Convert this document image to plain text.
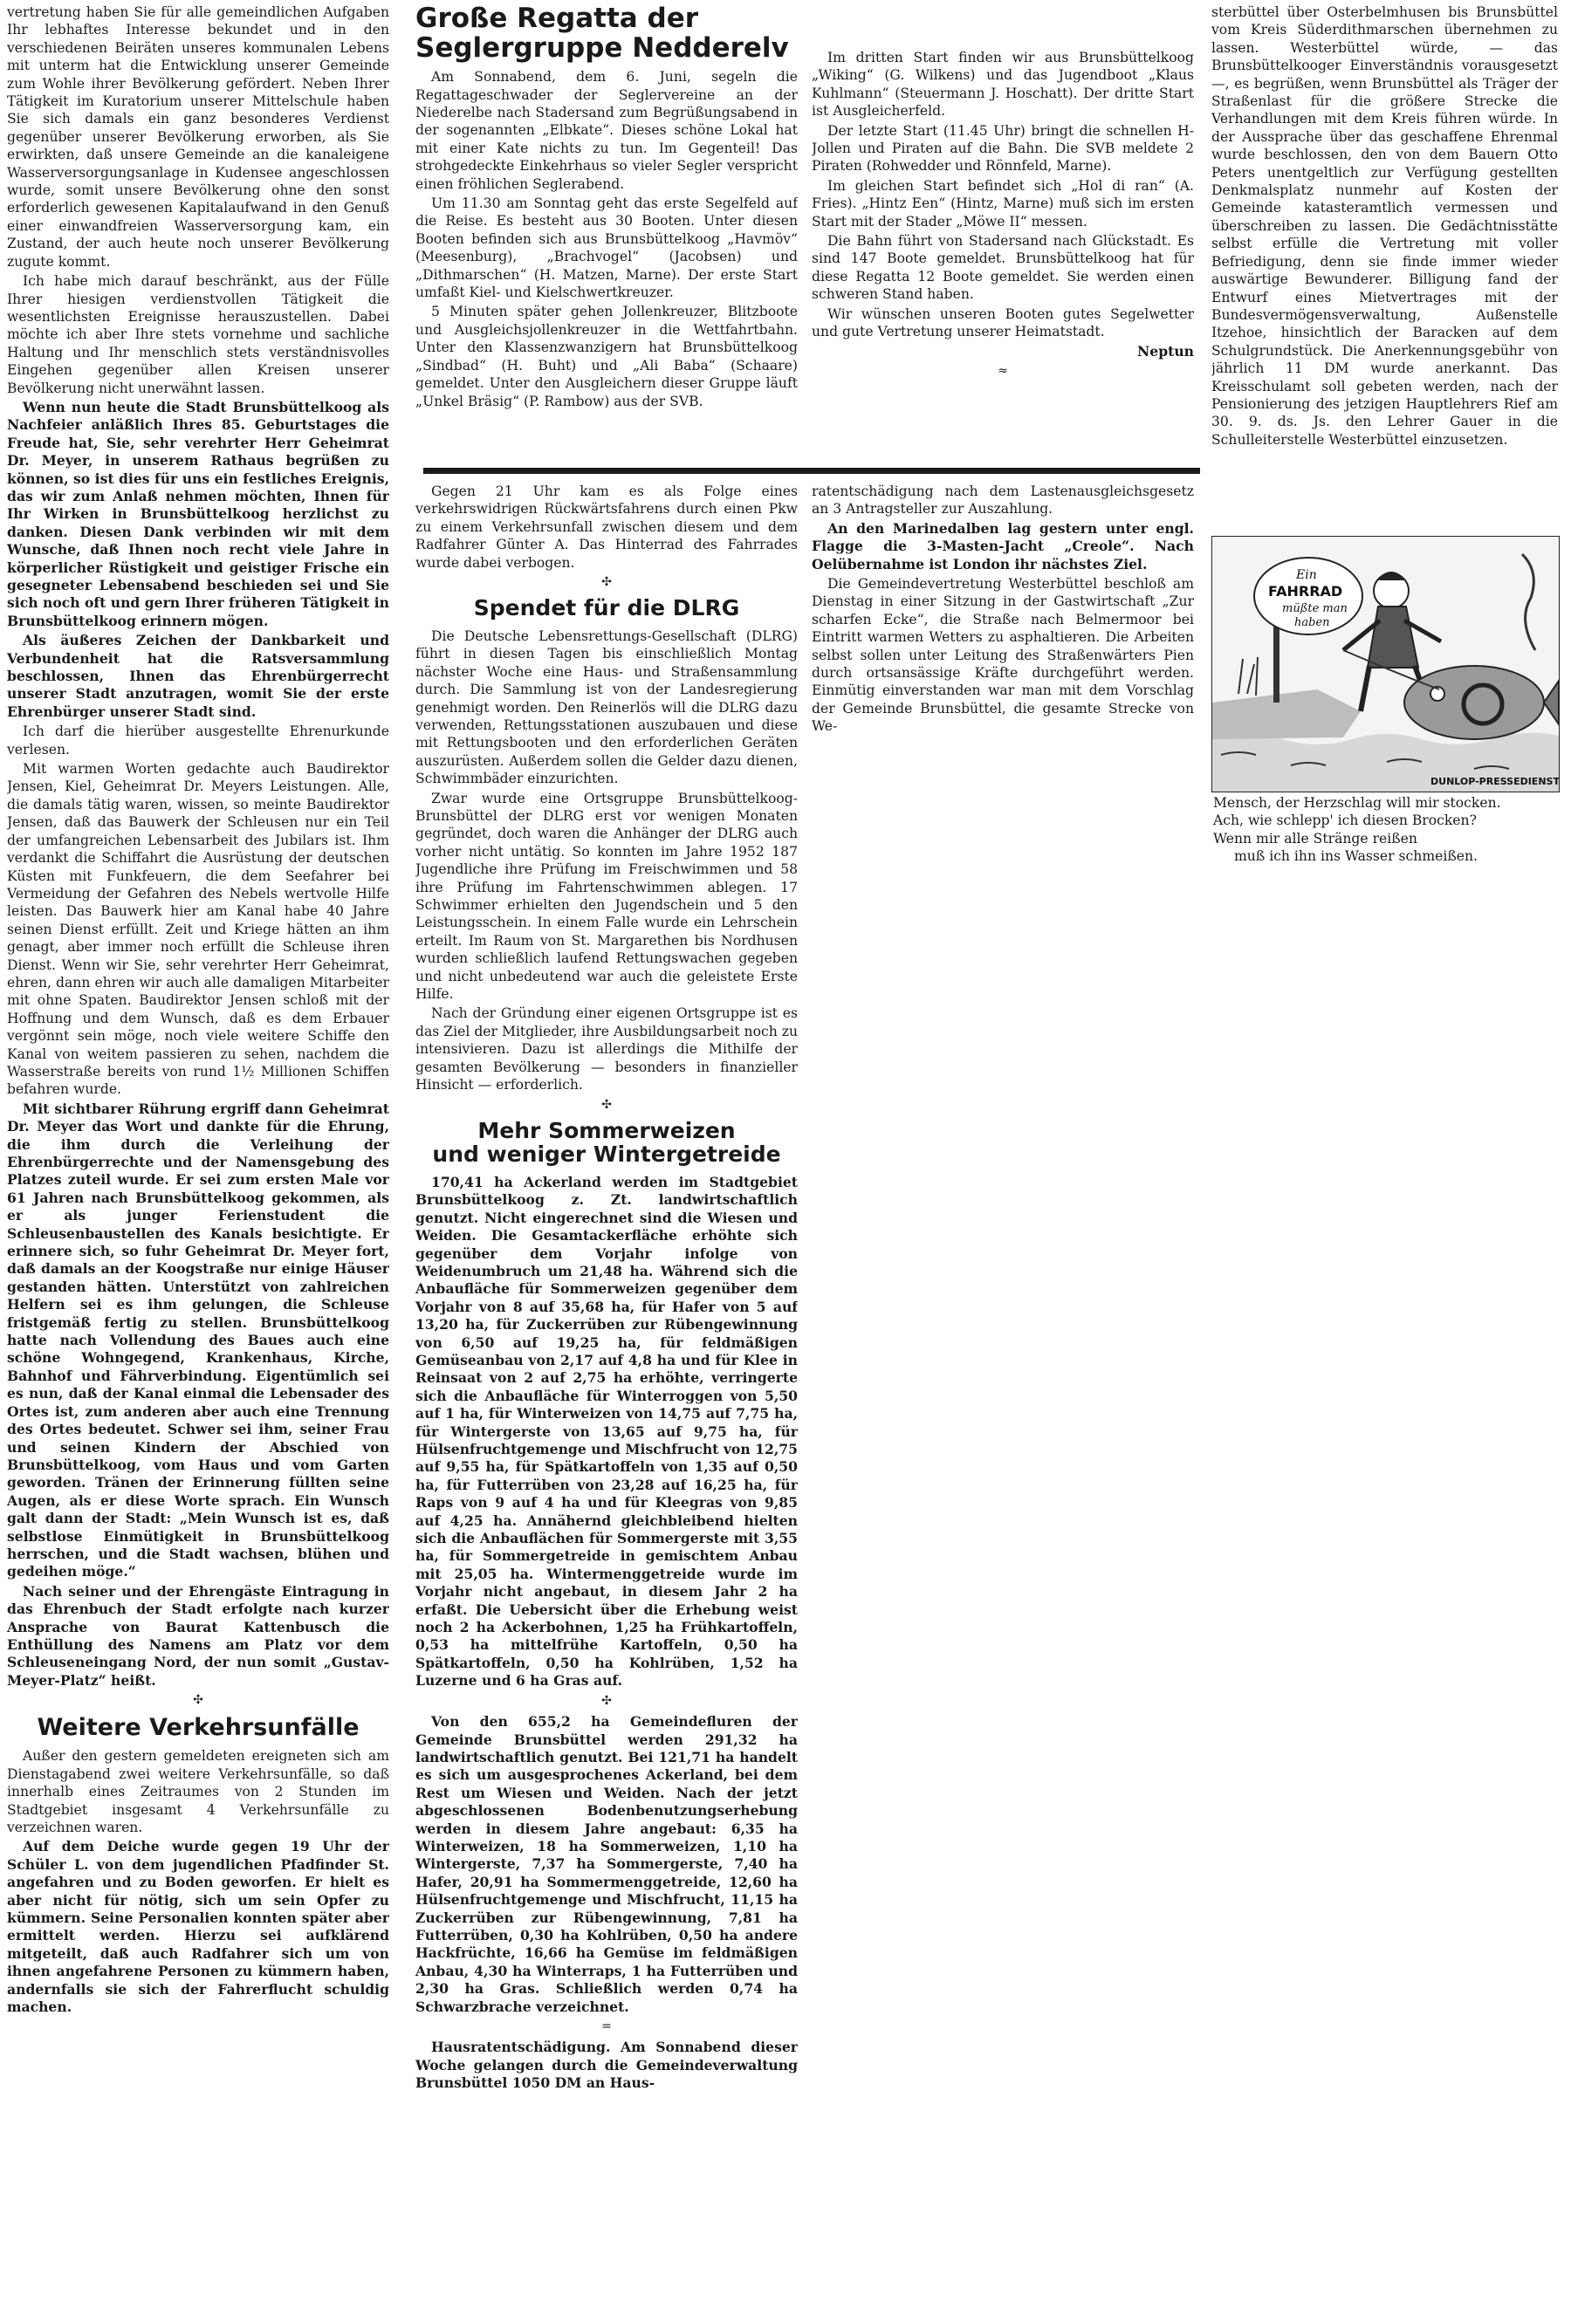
vertretung haben Sie für alle gemeindlichen Aufgaben Ihr lebhaftes Interesse bekundet und in den verschiedenen Beiräten unseres kommunalen Lebens mit unterm hat die Entwicklung unserer Gemeinde zum Wohle ihrer Bevölkerung gefördert. Neben Ihrer Tätigkeit im Kuratorium unserer Mittelschule haben Sie sich damals ein ganz besonderes Verdienst gegenüber unserer Bevölkerung erworben, als Sie erwirkten, daß unsere Gemeinde an die kanaleigene Wasserversorgungsanlage in Kudensee angeschlossen wurde, somit unsere Bevölkerung ohne den sonst erforderlich gewesenen Kapitalaufwand in den Genuß einer einwandfreien Wasserversorgung kam, ein Zustand, der auch heute noch unserer Bevölkerung zugute kommt.

Ich habe mich darauf beschränkt, aus der Fülle Ihrer hiesigen verdienstvollen Tätigkeit die wesentlichsten Ereignisse herauszustellen. Dabei möchte ich aber Ihre stets vornehme und sachliche Haltung und Ihr menschlich stets verständnisvolles Eingehen gegenüber allen Kreisen unserer Bevölkerung nicht unerwähnt lassen.

Wenn nun heute die Stadt Brunsbüttelkoog als Nachfeier anläßlich Ihres 85. Geburtstages die Freude hat, Sie, sehr verehrter Herr Geheimrat Dr. Meyer, in unserem Rathaus begrüßen zu können, so ist dies für uns ein festliches Ereignis, das wir zum Anlaß nehmen möchten, Ihnen für Ihr Wirken in Brunsbüttelkoog herzlichst zu danken. Diesen Dank verbinden wir mit dem Wunsche, daß Ihnen noch recht viele Jahre in körperlicher Rüstigkeit und geistiger Frische ein gesegneter Lebensabend beschieden sei und Sie sich noch oft und gern Ihrer früheren Tätigkeit in Brunsbüttelkoog erinnern mögen.

Als äußeres Zeichen der Dankbarkeit und Verbundenheit hat die Ratsversammlung beschlossen, Ihnen das Ehrenbürgerrecht unserer Stadt anzutragen, womit Sie der erste Ehrenbürger unserer Stadt sind.

Ich darf die hierüber ausgestellte Ehrenurkunde verlesen.

Mit warmen Worten gedachte auch Baudirektor Jensen, Kiel, Geheimrat Dr. Meyers Leistungen. Alle, die damals tätig waren, wissen, so meinte Baudirektor Jensen, daß das Bauwerk der Schleusen nur ein Teil der umfangreichen Lebensarbeit des Jubilars ist. Ihm verdankt die Schiffahrt die Ausrüstung der deutschen Küsten mit Funkfeuern, die dem Seefahrer bei Vermeidung der Gefahren des Nebels wertvolle Hilfe leisten. Das Bauwerk hier am Kanal habe 40 Jahre seinen Dienst erfüllt. Zeit und Kriege hätten an ihm genagt, aber immer noch erfüllt die Schleuse ihren Dienst. Wenn wir Sie, sehr verehrter Herr Geheimrat, ehren, dann ehren wir auch alle damaligen Mitarbeiter mit ohne Spaten. Baudirektor Jensen schloß mit der Hoffnung und dem Wunsch, daß es dem Erbauer vergönnt sein möge, noch viele weitere Schiffe den Kanal von weitem passieren zu sehen, nachdem die Wasserstraße bereits von rund 1½ Millionen Schiffen befahren wurde.

Mit sichtbarer Rührung ergriff dann Geheimrat Dr. Meyer das Wort und dankte für die Ehrung, die ihm durch die Verleihung der Ehrenbürgerrechte und der Namensgebung des Platzes zuteil wurde. Er sei zum ersten Male vor 61 Jahren nach Brunsbüttelkoog gekommen, als er als junger Ferienstudent die Schleusenbaustellen des Kanals besichtigte. Er erinnere sich, so fuhr Geheimrat Dr. Meyer fort, daß damals an der Koogstraße nur einige Häuser gestanden hätten. Unterstützt von zahlreichen Helfern sei es ihm gelungen, die Schleuse fristgemäß fertig zu stellen. Brunsbüttelkoog hatte nach Vollendung des Baues auch eine schöne Wohngegend, Krankenhaus, Kirche, Bahnhof und Fährverbindung. Eigentümlich sei es nun, daß der Kanal einmal die Lebensader des Ortes ist, zum anderen aber auch eine Trennung des Ortes bedeutet. Schwer sei ihm, seiner Frau und seinen Kindern der Abschied von Brunsbüttelkoog, vom Haus und vom Garten geworden. Tränen der Erinnerung füllten seine Augen, als er diese Worte sprach. Ein Wunsch galt dann der Stadt: „Mein Wunsch ist es, daß selbstlose Einmütigkeit in Brunsbüttelkoog herrschen, und die Stadt wachsen, blühen und gedeihen möge.“

Nach seiner und der Ehrengäste Eintragung in das Ehrenbuch der Stadt erfolgte nach kurzer Ansprache von Baurat Kattenbusch die Enthüllung des Namens am Platz vor dem Schleuseneingang Nord, der nun somit „Gustav-Meyer-Platz“ heißt.

✣
Weitere Verkehrsunfälle

Außer den gestern gemeldeten ereigneten sich am Dienstagabend zwei weitere Verkehrsunfälle, so daß innerhalb eines Zeitraumes von 2 Stunden im Stadtgebiet insgesamt 4 Verkehrsunfälle zu verzeichnen waren.

Auf dem Deiche wurde gegen 19 Uhr der Schüler L. von dem jugendlichen Pfadfinder St. angefahren und zu Boden geworfen. Er hielt es aber nicht für nötig, sich um sein Opfer zu kümmern. Seine Personalien konnten später aber ermittelt werden. Hierzu sei aufklärend mitgeteilt, daß auch Radfahrer sich um von ihnen angefahrene Personen zu kümmern haben, andernfalls sie sich der Fahrerflucht schuldig machen.

Große Regatta der Seglergruppe Nedderelv

Am Sonnabend, dem 6. Juni, segeln die Regattageschwader der Seglervereine an der Niederelbe nach Stadersand zum Begrüßungsabend in der sogenannten „Elbkate“. Dieses schöne Lokal hat mit einer Kate nichts zu tun. Im Gegenteil! Das strohgedeckte Einkehrhaus so vieler Segler verspricht einen fröhlichen Seglerabend.

Um 11.30 am Sonntag geht das erste Segelfeld auf die Reise. Es besteht aus 30 Booten. Unter diesen Booten befinden sich aus Brunsbüttelkoog „Havmöv“ (Meesenburg), „Brachvogel“ (Jacobsen) und „Dithmarschen“ (H. Matzen, Marne). Der erste Start umfaßt Kiel- und Kielschwertkreuzer.

5 Minuten später gehen Jollenkreuzer, Blitzboote und Ausgleichsjollenkreuzer in die Wettfahrtbahn. Unter den Klassenzwanzigern hat Brunsbüttelkoog „Sindbad“ (H. Buht) und „Ali Baba“ (Schaare) gemeldet. Unter den Ausgleichern dieser Gruppe läuft „Unkel Bräsig“ (P. Rambow) aus der SVB.

Gegen 21 Uhr kam es als Folge eines verkehrswidrigen Rückwärtsfahrens durch einen Pkw zu einem Verkehrsunfall zwischen diesem und dem Radfahrer Günter A. Das Hinterrad des Fahrrades wurde dabei verbogen.

✣
Spendet für die DLRG

Die Deutsche Lebensrettungs-Gesellschaft (DLRG) führt in diesen Tagen bis einschließlich Montag nächster Woche eine Haus- und Straßensammlung durch. Die Sammlung ist von der Landesregierung genehmigt worden. Den Reinerlös will die DLRG dazu verwenden, Rettungsstationen auszubauen und diese mit Rettungsbooten und den erforderlichen Geräten auszurüsten. Außerdem sollen die Gelder dazu dienen, Schwimmbäder einzurichten.

Zwar wurde eine Ortsgruppe Brunsbüttelkoog-Brunsbüttel der DLRG erst vor wenigen Monaten gegründet, doch waren die Anhänger der DLRG auch vorher nicht untätig. So konnten im Jahre 1952 187 Jugendliche ihre Prüfung im Freischwimmen und 58 ihre Prüfung im Fahrtenschwimmen ablegen. 17 Schwimmer erhielten den Jugendschein und 5 den Leistungsschein. In einem Falle wurde ein Lehrschein erteilt. Im Raum von St. Margarethen bis Nordhusen wurden schließlich laufend Rettungswachen gegeben und nicht unbedeutend war auch die geleistete Erste Hilfe.

Nach der Gründung einer eigenen Ortsgruppe ist es das Ziel der Mitglieder, ihre Ausbildungsarbeit noch zu intensivieren. Dazu ist allerdings die Mithilfe der gesamten Bevölkerung — besonders in finanzieller Hinsicht — erforderlich.

✣
Mehr Sommerweizen
und weniger Wintergetreide

170,41 ha Ackerland werden im Stadtgebiet Brunsbüttelkoog z. Zt. landwirtschaftlich genutzt. Nicht eingerechnet sind die Wiesen und Weiden. Die Gesamtackerfläche erhöhte sich gegenüber dem Vorjahr infolge von Weidenumbruch um 21,48 ha. Während sich die Anbaufläche für Sommerweizen gegenüber dem Vorjahr von 8 auf 35,68 ha, für Hafer von 5 auf 13,20 ha, für Zuckerrüben zur Rübengewinnung von 6,50 auf 19,25 ha, für feldmäßigen Gemüseanbau von 2,17 auf 4,8 ha und für Klee in Reinsaat von 2 auf 2,75 ha erhöhte, verringerte sich die Anbaufläche für Winterroggen von 5,50 auf 1 ha, für Winterweizen von 14,75 auf 7,75 ha, für Wintergerste von 13,65 auf 9,75 ha, für Hülsenfruchtgemenge und Mischfrucht von 12,75 auf 9,55 ha, für Spätkartoffeln von 1,35 auf 0,50 ha, für Futterrüben von 23,28 auf 16,25 ha, für Raps von 9 auf 4 ha und für Kleegras von 9,85 auf 4,25 ha. Annähernd gleichbleibend hielten sich die Anbauflächen für Sommergerste mit 3,55 ha, für Sommergetreide in gemischtem Anbau mit 25,05 ha. Wintermenggetreide wurde im Vorjahr nicht angebaut, in diesem Jahr 2 ha erfaßt. Die Uebersicht über die Erhebung weist noch 2 ha Ackerbohnen, 1,25 ha Frühkartoffeln, 0,53 ha mittelfrühe Kartoffeln, 0,50 ha Spätkartoffeln, 0,50 ha Kohlrüben, 1,52 ha Luzerne und 6 ha Gras auf.

✣

Von den 655,2 ha Gemeindefluren der Gemeinde Brunsbüttel werden 291,32 ha landwirtschaftlich genutzt. Bei 121,71 ha handelt es sich um ausgesprochenes Ackerland, bei dem Rest um Wiesen und Weiden. Nach der jetzt abgeschlossenen Bodenbenutzungserhebung werden in diesem Jahre angebaut: 6,35 ha Winterweizen, 18 ha Sommerweizen, 1,10 ha Wintergerste, 7,37 ha Sommergerste, 7,40 ha Hafer, 20,91 ha Sommermenggetreide, 12,60 ha Hülsenfruchtgemenge und Mischfrucht, 11,15 ha Zuckerrüben zur Rübengewinnung, 7,81 ha Futterrüben, 0,30 ha Kohlrüben, 0,50 ha andere Hackfrüchte, 16,66 ha Gemüse im feldmäßigen Anbau, 4,30 ha Winterraps, 1 ha Futterrüben und 2,30 ha Gras. Schließlich werden 0,74 ha Schwarzbrache verzeichnet.

=

Hausratentschädigung. Am Sonnabend dieser Woche gelangen durch die Gemeindeverwaltung Brunsbüttel 1050 DM an Haus-

Im dritten Start finden wir aus Brunsbüttelkoog „Wiking“ (G. Wilkens) und das Jugendboot „Klaus Kuhlmann“ (Steuermann J. Hoschatt). Der dritte Start ist Ausgleicherfeld.

Der letzte Start (11.45 Uhr) bringt die schnellen H-Jollen und Piraten auf die Bahn. Die SVB meldete 2 Piraten (Rohwedder und Rönnfeld, Marne).

Im gleichen Start befindet sich „Hol di ran“ (A. Fries). „Hintz Een“ (Hintz, Marne) muß sich im ersten Start mit der Stader „Möwe II“ messen.

Die Bahn führt von Stadersand nach Glückstadt. Es sind 147 Boote gemeldet. Brunsbüttelkoog hat für diese Regatta 12 Boote gemeldet. Sie werden einen schweren Stand haben.

Wir wünschen unseren Booten gutes Segelwetter und gute Vertretung unserer Heimatstadt.

Neptun

≈

ratentschädigung nach dem Lastenausgleichsgesetz an 3 Antragsteller zur Auszahlung.

An den Marinedalben lag gestern unter engl. Flagge die 3-Masten-Jacht „Creole“. Nach Oelübernahme ist London ihr nächstes Ziel.

Die Gemeindevertretung Westerbüttel beschloß am Dienstag in einer Sitzung in der Gastwirtschaft „Zur scharfen Ecke“, die Straße nach Belmermoor bei Eintritt warmen Wetters zu asphaltieren. Die Arbeiten selbst sollen unter Leitung des Straßenwärters Pien durch ortsansässige Kräfte durchgeführt werden. Einmütig einverstanden war man mit dem Vorschlag der Gemeinde Brunsbüttel, die gesamte Strecke von We-

sterbüttel über Osterbelmhusen bis Brunsbüttel vom Kreis Süderdithmarschen übernehmen zu lassen. Westerbüttel würde, — das Brunsbüttelkooger Einverständnis vorausgesetzt —, es begrüßen, wenn Brunsbüttel als Träger der Straßenlast für die größere Strecke die Verhandlungen mit dem Kreis führen würde. In der Aussprache über das geschaffene Ehrenmal wurde beschlossen, den von dem Bauern Otto Peters unentgeltlich zur Verfügung gestellten Denkmalsplatz nunmehr auf Kosten der Gemeinde katasteramtlich vermessen und überschreiben zu lassen. Die Gedächtnisstätte selbst erfülle die Vertretung mit voller Befriedigung, denn sie finde immer wieder auswärtige Bewunderer. Billigung fand der Entwurf eines Mietvertrages mit der Bundesvermögensverwaltung, Außenstelle Itzehoe, hinsichtlich der Baracken auf dem Schulgrundstück. Die Anerkennungsgebühr von jährlich 11 DM wurde anerkannt. Das Kreisschulamt soll gebeten werden, nach der Pensionierung des jetzigen Hauptlehrers Rief am 30. 9. ds. Js. den Lehrer Gauer in die Schulleiterstelle Westerbüttel einzusetzen.

Ein
FAHRRAD
müßte man
haben
DUNLOP-PRESSEDIENST
Mensch, der Herzschlag will mir stocken.
Ach, wie schlepp' ich diesen Brocken?
Wenn mir alle Stränge reißen
muß ich ihn ins Wasser schmeißen.
